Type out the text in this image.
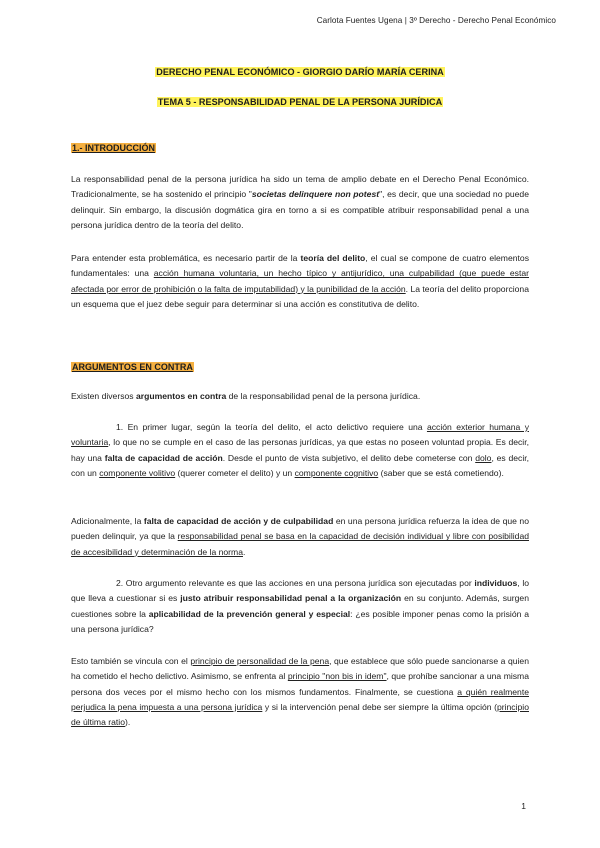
Carlota Fuentes Ugena | 3º Derecho - Derecho Penal Económico
DERECHO PENAL ECONÓMICO - GIORGIO DARÍO MARÍA CERINA
TEMA 5 - RESPONSABILIDAD PENAL DE LA PERSONA JURÍDICA
1.- INTRODUCCIÓN

La responsabilidad penal de la persona jurídica ha sido un tema de amplio debate en el Derecho Penal Económico. Tradicionalmente, se ha sostenido el principio "societas delinquere non potest", es decir, que una sociedad no puede delinquir. Sin embargo, la discusión dogmática gira en torno a si es compatible atribuir responsabilidad penal a una persona jurídica dentro de la teoría del delito.

Para entender esta problemática, es necesario partir de la teoría del delito, el cual se compone de cuatro elementos fundamentales: una acción humana voluntaria, un hecho típico y antijurídico, una culpabilidad (que puede estar afectada por error de prohibición o la falta de imputabilidad) y la punibilidad de la acción. La teoría del delito proporciona un esquema que el juez debe seguir para determinar si una acción es constitutiva de delito.

ARGUMENTOS EN CONTRA

Existen diversos argumentos en contra de la responsabilidad penal de la persona jurídica.

1. En primer lugar, según la teoría del delito, el acto delictivo requiere una acción exterior humana y voluntaria, lo que no se cumple en el caso de las personas jurídicas, ya que estas no poseen voluntad propia. Es decir, hay una falta de capacidad de acción. Desde el punto de vista subjetivo, el delito debe cometerse con dolo, es decir, con un componente volitivo (querer cometer el delito) y un componente cognitivo (saber que se está cometiendo).

Adicionalmente, la falta de capacidad de acción y de culpabilidad en una persona jurídica refuerza la idea de que no pueden delinquir, ya que la responsabilidad penal se basa en la capacidad de decisión individual y libre con posibilidad de accesibilidad y determinación de la norma.

2. Otro argumento relevante es que las acciones en una persona jurídica son ejecutadas por individuos, lo que lleva a cuestionar si es justo atribuir responsabilidad penal a la organización en su conjunto. Además, surgen cuestiones sobre la aplicabilidad de la prevención general y especial: ¿es posible imponer penas como la prisión a una persona jurídica?

Esto también se vincula con el principio de personalidad de la pena, que establece que sólo puede sancionarse a quien ha cometido el hecho delictivo. Asimismo, se enfrenta al principio "non bis in idem", que prohíbe sancionar a una misma persona dos veces por el mismo hecho con los mismos fundamentos. Finalmente, se cuestiona a quién realmente perjudica la pena impuesta a una persona jurídica y si la intervención penal debe ser siempre la última opción (principio de última ratio).

1
